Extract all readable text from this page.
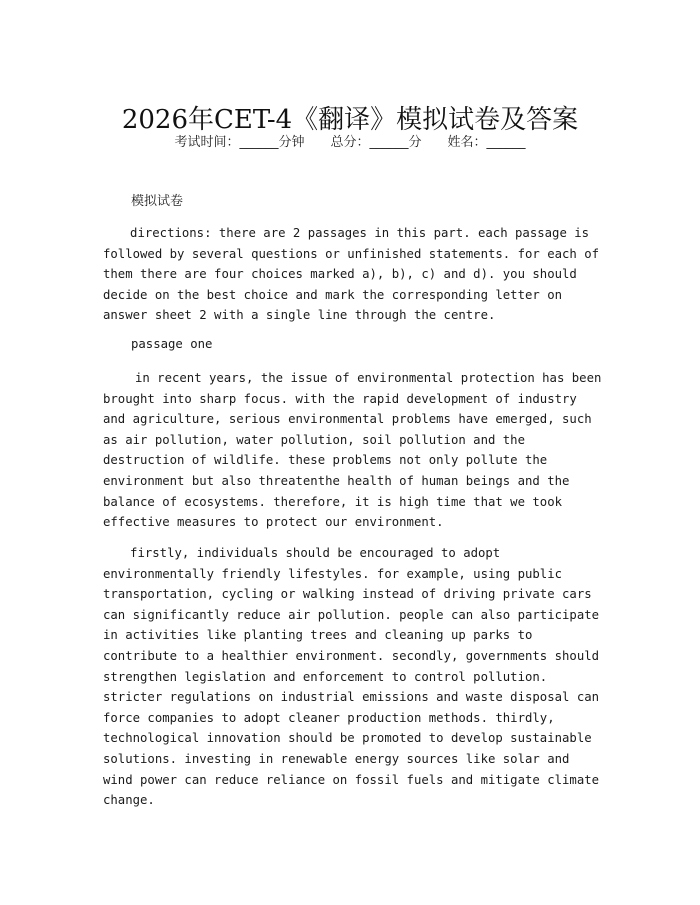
2026年CET-4《翻译》模拟试卷及答案
考试时间：______分钟 总分：______分 姓名：______
模拟试卷

directions: there are 2 passages in this part. each passage is followed by several questions or unfinished statements. for each of them there are four choices marked a), b), c) and d). you should decide on the best choice and mark the corresponding letter on answer sheet 2 with a single line through the centre.

passage one

in recent years, the issue of environmental protection has been brought into sharp focus. with the rapid development of industry and agriculture, serious environmental problems have emerged, such as air pollution, water pollution, soil pollution and the destruction of wildlife. these problems not only pollute the environment but also threatenthe health of human beings and the balance of ecosystems. therefore, it is high time that we took effective measures to protect our environment.

firstly, individuals should be encouraged to adopt environmentally friendly lifestyles. for example, using public transportation, cycling or walking instead of driving private cars can significantly reduce air pollution. people can also participate in activities like planting trees and cleaning up parks to contribute to a healthier environment. secondly, governments should strengthen legislation and enforcement to control pollution. stricter regulations on industrial emissions and waste disposal can force companies to adopt cleaner production methods. thirdly, technological innovation should be promoted to develop sustainable solutions. investing in renewable energy sources like solar and wind power can reduce reliance on fossil fuels and mitigate climate change.
